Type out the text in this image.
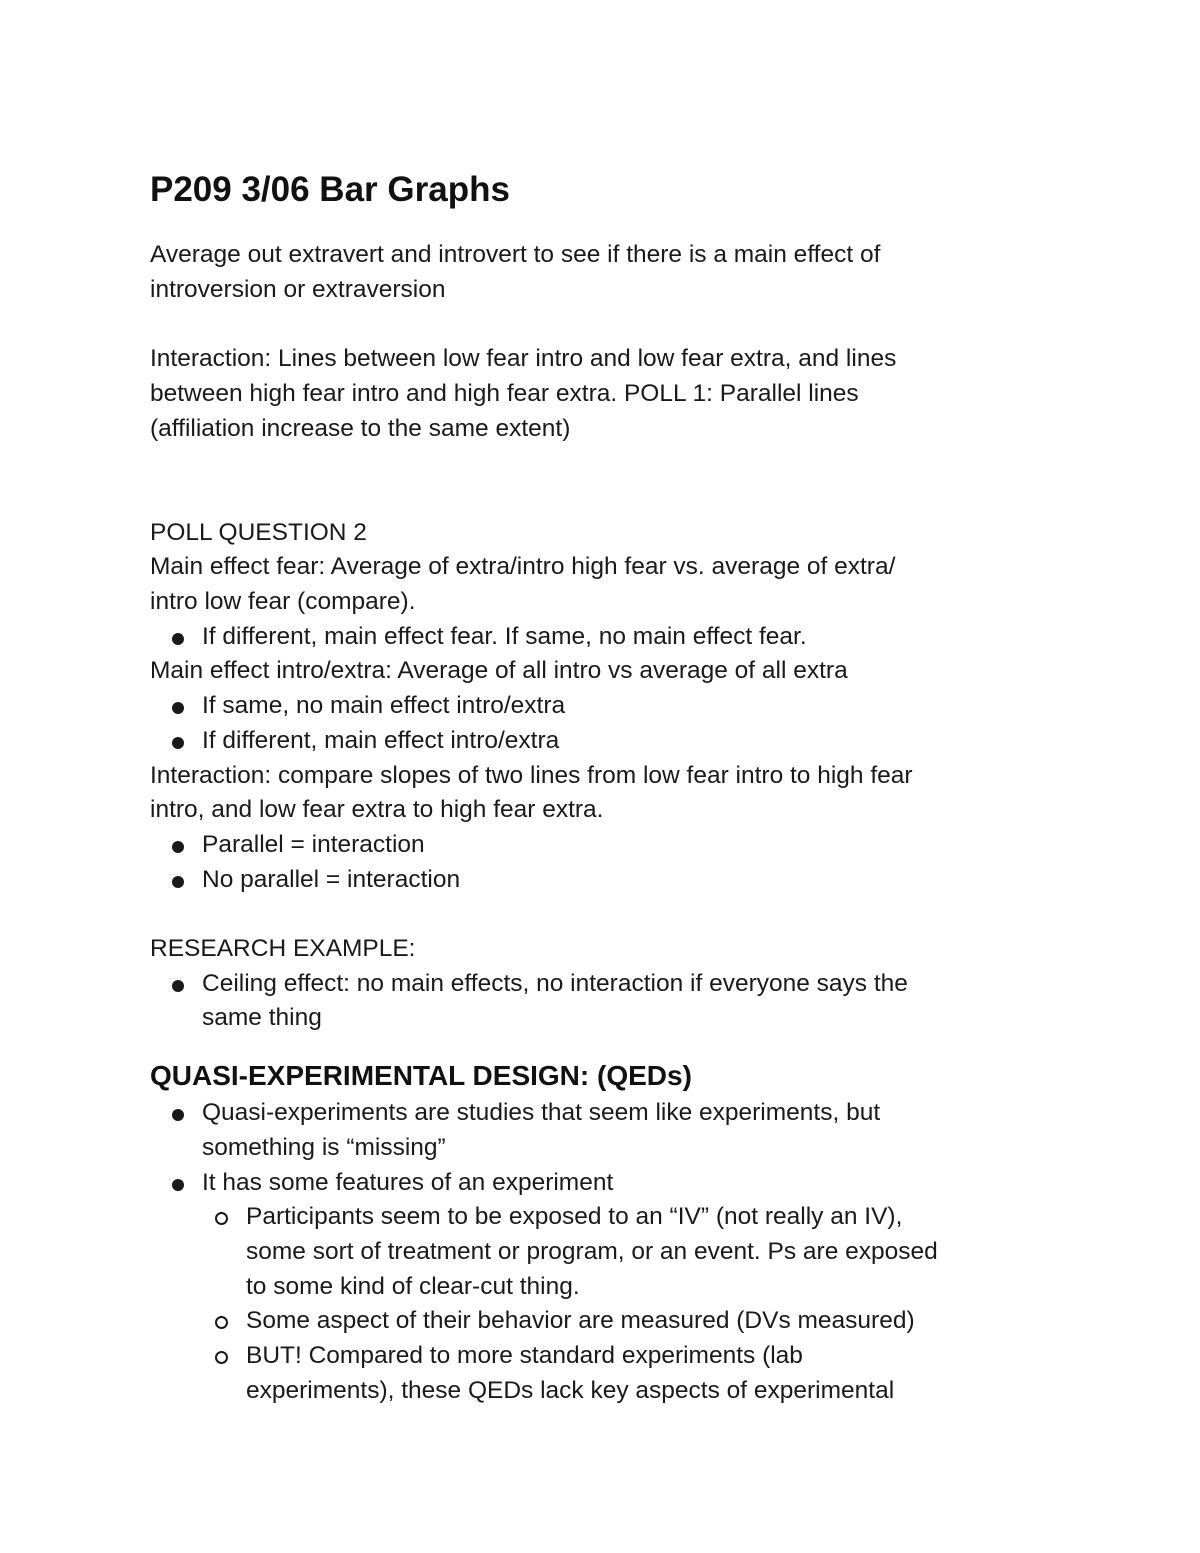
P209 3/06 Bar Graphs

Average out extravert and introvert to see if there is a main effect of

introversion or extraversion

Interaction: Lines between low fear intro and low fear extra, and lines

between high fear intro and high fear extra. POLL 1: Parallel lines

(affiliation increase to the same extent)

POLL QUESTION 2

Main effect fear: Average of extra/intro high fear vs. average of extra/

intro low fear (compare).

If different, main effect fear. If same, no main effect fear.

Main effect intro/extra: Average of all intro vs average of all extra

If same, no main effect intro/extra

If different, main effect intro/extra

Interaction: compare slopes of two lines from low fear intro to high fear

intro, and low fear extra to high fear extra.

Parallel = interaction

No parallel = interaction

RESEARCH EXAMPLE:

Ceiling effect: no main effects, no interaction if everyone says the

same thing

QUASI-EXPERIMENTAL DESIGN: (QEDs)

Quasi-experiments are studies that seem like experiments, but

something is “missing”

It has some features of an experiment

Participants seem to be exposed to an “IV” (not really an IV),

some sort of treatment or program, or an event. Ps are exposed

to some kind of clear-cut thing.

Some aspect of their behavior are measured (DVs measured)

BUT! Compared to more standard experiments (lab

experiments), these QEDs lack key aspects of experimental
